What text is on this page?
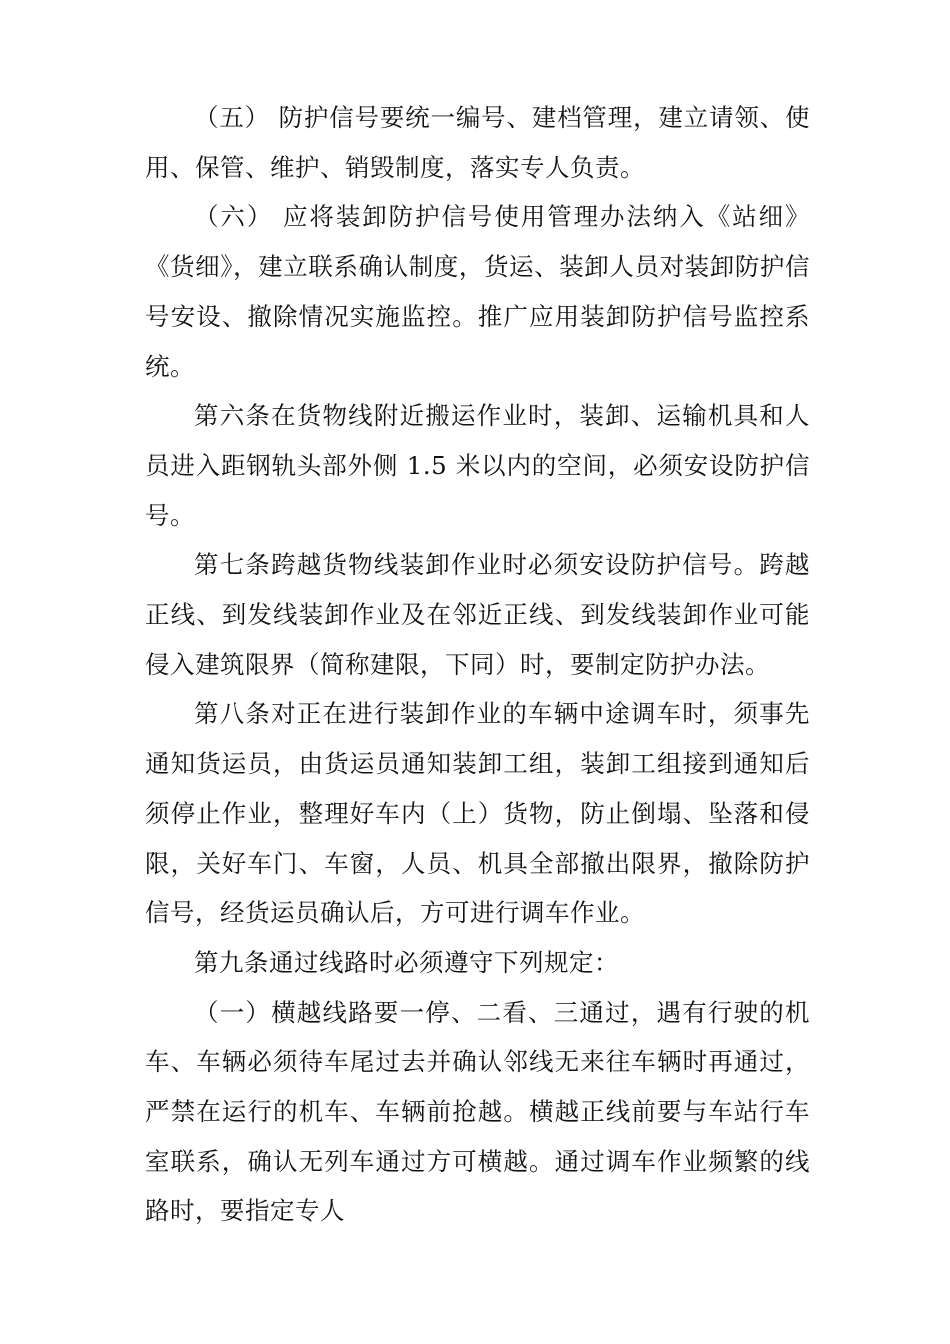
（五） 防护信号要统一编号、建档管理，建立请领、使用、保管、维护、销毁制度，落实专人负责。

（六） 应将装卸防护信号使用管理办法纳入《站细》《货细》，建立联系确认制度，货运、装卸人员对装卸防护信号安设、撤除情况实施监控。推广应用装卸防护信号监控系统。

第六条在货物线附近搬运作业时，装卸、运输机具和人员进入距钢轨头部外侧 1.5 米以内的空间，必须安设防护信号。

第七条跨越货物线装卸作业时必须安设防护信号。跨越正线、到发线装卸作业及在邻近正线、到发线装卸作业可能侵入建筑限界（简称建限，下同）时，要制定防护办法。

第八条对正在进行装卸作业的车辆中途调车时，须事先通知货运员，由货运员通知装卸工组，装卸工组接到通知后须停止作业，整理好车内（上）货物，防止倒塌、坠落和侵限，关好车门、车窗，人员、机具全部撤出限界，撤除防护信号，经货运员确认后，方可进行调车作业。

第九条通过线路时必须遵守下列规定：

（一）横越线路要一停、二看、三通过，遇有行驶的机车、车辆必须待车尾过去并确认邻线无来往车辆时再通过，严禁在运行的机车、车辆前抢越。横越正线前要与车站行车室联系，确认无列车通过方可横越。通过调车作业频繁的线路时，要指定专人
